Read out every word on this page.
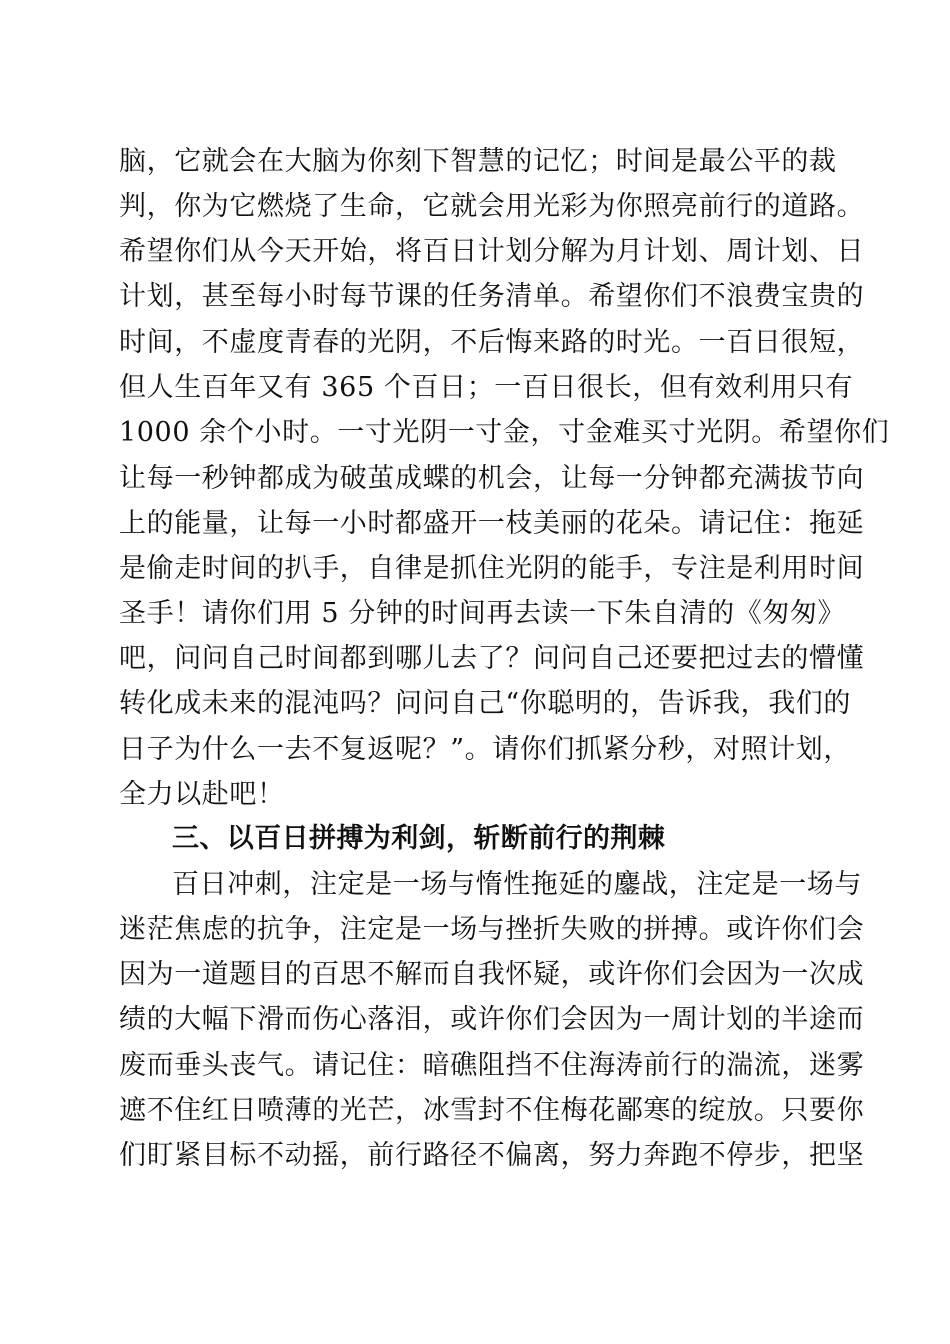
脑，它就会在大脑为你刻下智慧的记忆；时间是最公平的裁
判，你为它燃烧了生命，它就会用光彩为你照亮前行的道路。
希望你们从今天开始，将百日计划分解为月计划、周计划、日
计划，甚至每小时每节课的任务清单。希望你们不浪费宝贵的
时间，不虚度青春的光阴，不后悔来路的时光。一百日很短，
但人生百年又有 365 个百日；一百日很长，但有效利用只有
1000 余个小时。一寸光阴一寸金，寸金难买寸光阴。希望你们
让每一秒钟都成为破茧成蝶的机会，让每一分钟都充满拔节向
上的能量，让每一小时都盛开一枝美丽的花朵。请记住：拖延
是偷走时间的扒手，自律是抓住光阴的能手，专注是利用时间
圣手！请你们用 5 分钟的时间再去读一下朱自清的《匆匆》
吧，问问自己时间都到哪儿去了？问问自己还要把过去的懵懂
转化成未来的混沌吗？问问自己“你聪明的，告诉我，我们的
日子为什么一去不复返呢？”。请你们抓紧分秒，对照计划，
全力以赴吧！
三、以百日拼搏为利剑，斩断前行的荆棘
百日冲刺，注定是一场与惰性拖延的鏖战，注定是一场与
迷茫焦虑的抗争，注定是一场与挫折失败的拼搏。或许你们会
因为一道题目的百思不解而自我怀疑，或许你们会因为一次成
绩的大幅下滑而伤心落泪，或许你们会因为一周计划的半途而
废而垂头丧气。请记住：暗礁阻挡不住海涛前行的湍流，迷雾
遮不住红日喷薄的光芒，冰雪封不住梅花鄙寒的绽放。只要你
们盯紧目标不动摇，前行路径不偏离，努力奔跑不停步，把坚
